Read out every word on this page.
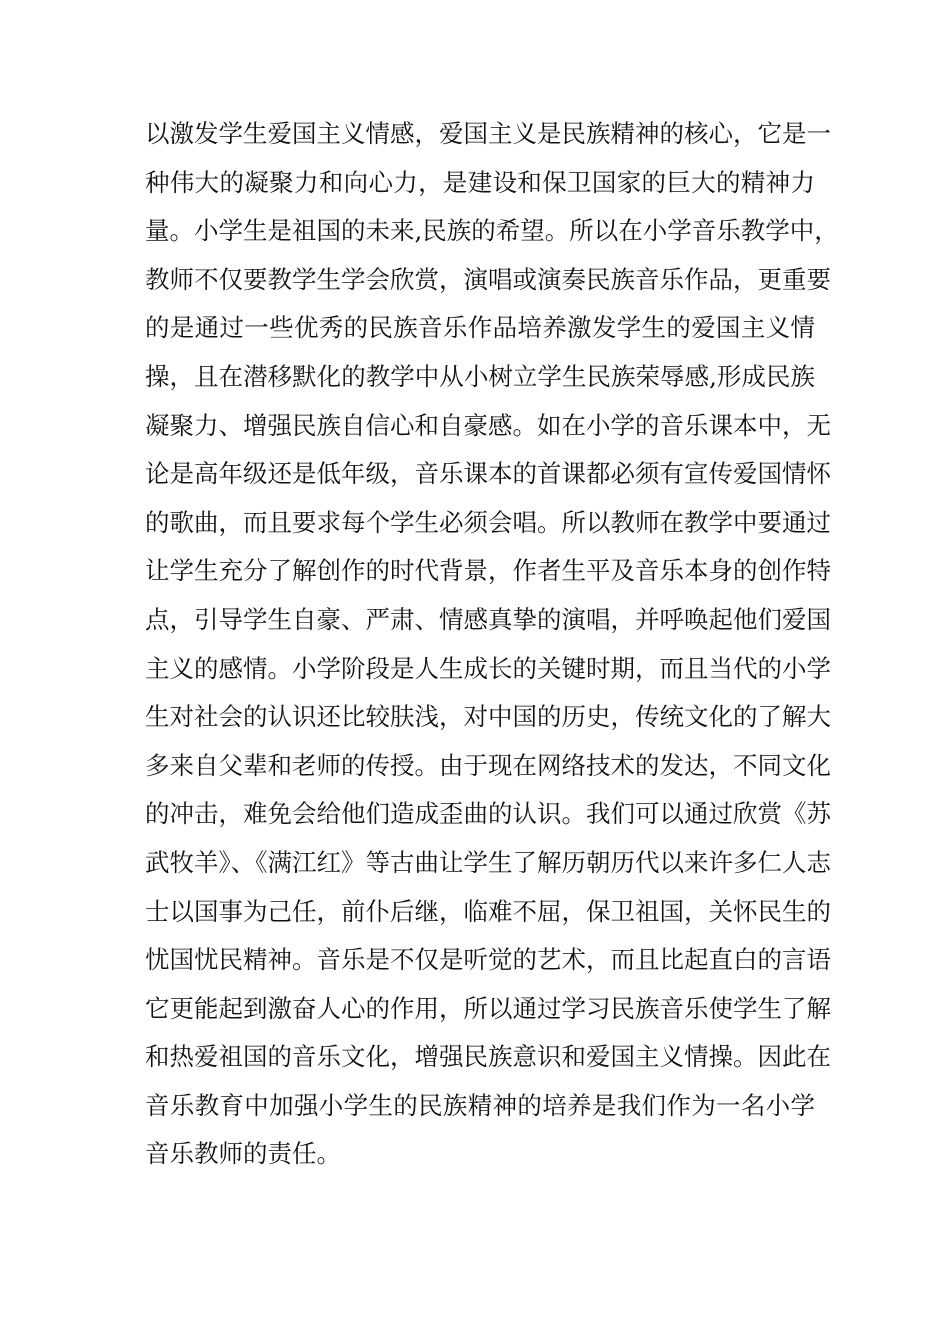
以激发学生爱国主义情感，爱国主义是民族精神的核心，它是一
种伟大的凝聚力和向心力，是建设和保卫国家的巨大的精神力
量。小学生是祖国的未来,民族的希望。所以在小学音乐教学中，
教师不仅要教学生学会欣赏，演唱或演奏民族音乐作品，更重要
的是通过一些优秀的民族音乐作品培养激发学生的爱国主义情
操，且在潜移默化的教学中从小树立学生民族荣辱感,形成民族
凝聚力、增强民族自信心和自豪感。如在小学的音乐课本中，无
论是高年级还是低年级，音乐课本的首课都必须有宣传爱国情怀
的歌曲，而且要求每个学生必须会唱。所以教师在教学中要通过
让学生充分了解创作的时代背景，作者生平及音乐本身的创作特
点，引导学生自豪、严肃、情感真挚的演唱，并呼唤起他们爱国
主义的感情。小学阶段是人生成长的关键时期，而且当代的小学
生对社会的认识还比较肤浅，对中国的历史，传统文化的了解大
多来自父辈和老师的传授。由于现在网络技术的发达，不同文化
的冲击，难免会给他们造成歪曲的认识。我们可以通过欣赏《苏
武牧羊》、《满江红》等古曲让学生了解历朝历代以来许多仁人志
士以国事为己任，前仆后继，临难不屈，保卫祖国，关怀民生的
忧国忧民精神。音乐是不仅是听觉的艺术，而且比起直白的言语
它更能起到激奋人心的作用，所以通过学习民族音乐使学生了解
和热爱祖国的音乐文化，增强民族意识和爱国主义情操。因此在
音乐教育中加强小学生的民族精神的培养是我们作为一名小学
音乐教师的责任。
